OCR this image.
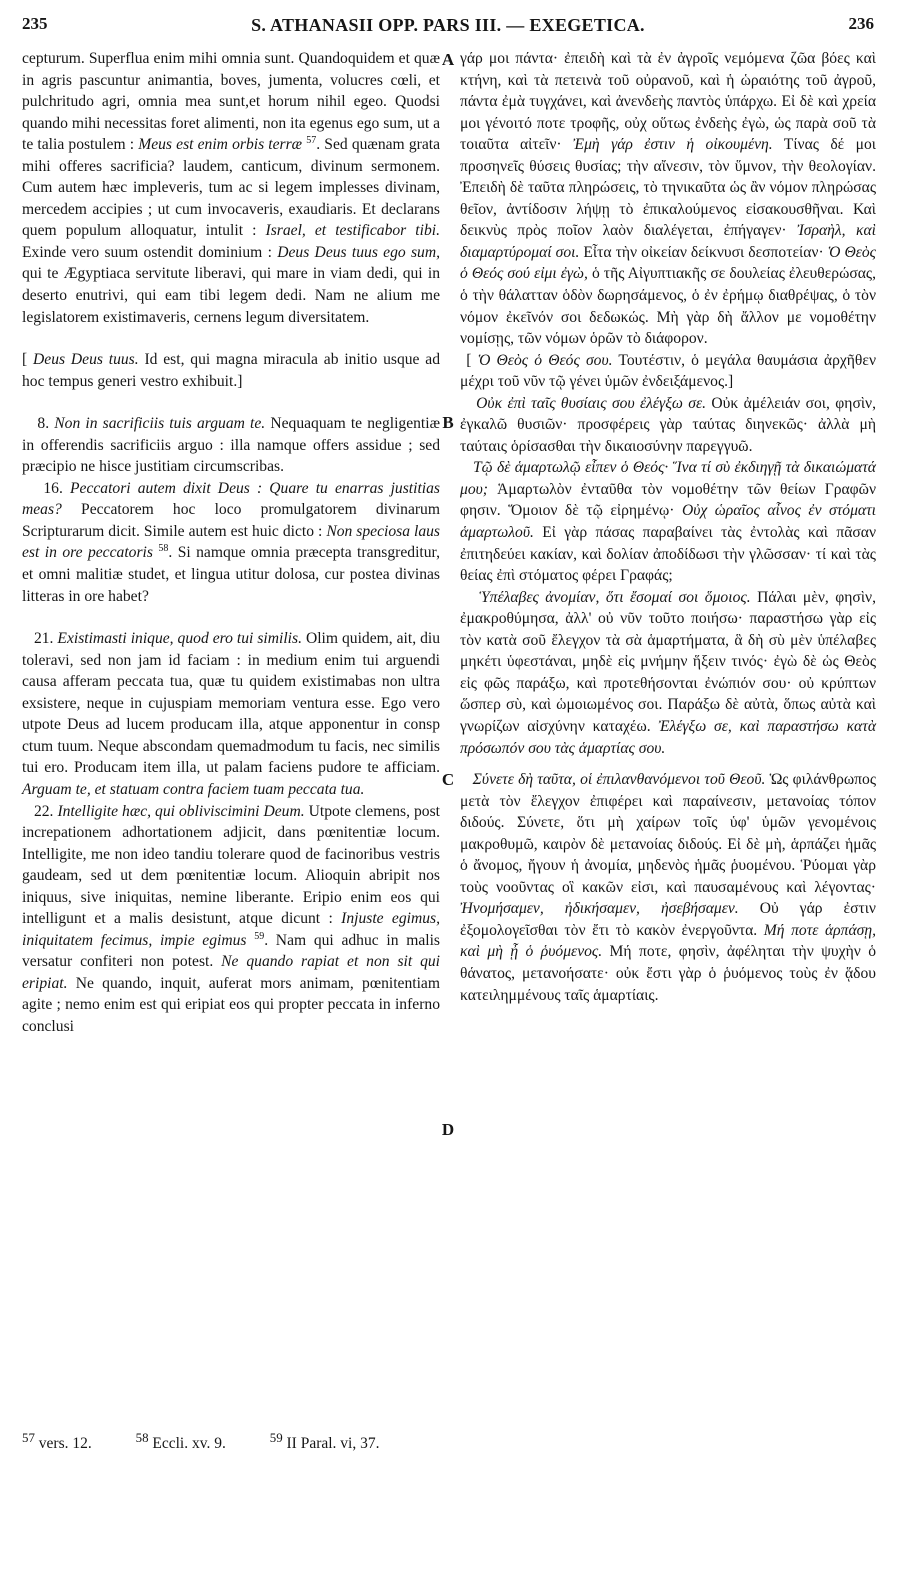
235	S. ATHANASII OPP. PARS III. — EXEGETICA.	236
A
B
C
D

cepturum. Superflua enim mihi omnia sunt. Quandoquidem et quæ in agris pascuntur animantia, boves, jumenta, volucres cœli, et pulchritudo agri, omnia mea sunt,et horum nihil egeo. Quodsi quando mihi necessitas foret alimenti, non ita egenus ego sum, ut a te talia postulem : Meus est enim orbis terræ $^{57}$. Sed quænam grata mihi offeres sacrificia? laudem, canticum, divinum sermonem. Cum autem hæc impleveris, tum ac si legem implesses divinam, mercedem accipies ; ut cum invocaveris, exaudiaris. Et declarans quem populum alloquatur, intulit : Israel, et testificabor tibi. Exinde vero suum ostendit dominium : Deus Deus tuus ego sum, qui te Ægyptiaca servitute liberavi, qui mare in viam dedi, qui in deserto enutrivi, qui eam tibi legem dedi. Nam ne alium me legislatorem existimaveris, cernens legum diversitatem.

[ Deus Deus tuus. Id est, qui magna miracula ab initio usque ad hoc tempus generi vestro exhibuit.]

8. Non in sacrificiis tuis arguam te. Nequaquam te negligentiæ in offerendis sacrificiis arguo : illa namque offers assidue ; sed præcipio ne hisce justitiam circumscribas.

16. Peccatori autem dixit Deus : Quare tu enarras justitias meas? Peccatorem hoc loco promulgatorem divinarum Scripturarum dicit. Simile autem est huic dicto : Non speciosa laus est in ore peccatoris $^{58}$. Si namque omnia præcepta transgreditur, et omni malitiæ studet, et lingua utitur dolosa, cur postea divinas litteras in ore habet?

21. Existimasti inique, quod ero tui similis. Olim quidem, ait, diu toleravi, sed non jam id faciam : in medium enim tui arguendi causa afferam peccata tua, quæ tu quidem existimabas non ultra exsistere, neque in cujuspiam memoriam ventura esse. Ego vero utpote Deus ad lucem producam illa, atque apponentur in consp ctum tuum. Neque abscondam quemadmodum tu facis, nec similis tui ero. Producam item illa, ut palam faciens pudore te afficiam. Arguam te, et statuam contra faciem tuam peccata tua.

22. Intelligite hæc, qui obliviscimini Deum. Utpote clemens, post increpationem adhortationem adjicit, dans pœnitentiæ locum. Intelligite, me non ideo tandiu tolerare quod de facinoribus vestris gaudeam, sed ut dem pœnitentiæ locum. Alioquin abripit nos iniquus, sive iniquitas, nemine liberante. Eripio enim eos qui intelligunt et a malis desistunt, atque dicunt : Injuste egimus, iniquitatem fecimus, impie egimus $^{59}$. Nam qui adhuc in malis versatur confiteri non potest. Ne quando rapiat et non sit qui eripiat. Ne quando, inquit, auferat mors animam, pœnitentiam agite ; nemo enim est qui eripiat eos qui propter peccata in inferno conclusi

γάρ μοι πάντα· ἐπειδὴ καὶ τὰ ἐν ἀγροῖς νεμόμενα ζῶα βόες καὶ κτήνη, καὶ τὰ πετεινὰ τοῦ οὐρανοῦ, καὶ ἡ ὡραιότης τοῦ ἀγροῦ, πάντα ἐμὰ τυγχάνει, καὶ ἀνενδεὴς παντὸς ὑπάρχω. Εἰ δὲ καὶ χρεία μοι γένοιτό ποτε τροφῆς, οὐχ οὕτως ἐνδεὴς ἐγὼ, ὡς παρὰ σοῦ τὰ τοιαῦτα αἰτεῖν· Ἐμὴ γάρ ἐστιν ἡ οἰκουμένη. Τίνας δέ μοι προσηνεῖς θύσεις θυσίας; τὴν αἴνεσιν, τὸν ὕμνον, τὴν θεολογίαν. Ἐπειδὴ δὲ ταῦτα πληρώσεις, τὸ τηνικαῦτα ὡς ἂν νόμον πληρώσας θεῖον, ἀντίδοσιν λήψῃ τὸ ἐπικαλούμενος εἰσακουσθῆναι. Καὶ δεικνὺς πρὸς ποῖον λαὸν διαλέγεται, ἐπήγαγεν· Ἰσραὴλ, καὶ διαμαρτύρομαί σοι. Εἶτα τὴν οἰκείαν δείκνυσι δεσποτείαν· Ὁ Θεὸς ὁ Θεός σού εἰμι ἐγὼ, ὁ τῆς Αἰγυπτιακῆς σε δουλείας ἐλευθερώσας, ὁ τὴν θάλατταν ὁδὸν δωρησάμενος, ὁ ἐν ἐρήμῳ διαθρέψας, ὁ τὸν νόμον ἐκεῖνόν σοι δεδωκώς. Μὴ γὰρ δὴ ἄλλον με νομοθέτην νομίσῃς, τῶν νόμων ὁρῶν τὸ διάφορον.

[ Ὁ Θεὸς ὁ Θεός σου. Τουτέστιν, ὁ μεγάλα θαυμάσια ἀρχῆθεν μέχρι τοῦ νῦν τῷ γένει ὑμῶν ἐνδειξάμενος.]

Οὐκ ἐπὶ ταῖς θυσίαις σου ἐλέγξω σε. Οὐκ ἀμέλειάν σοι, φησὶν, ἐγκαλῶ θυσιῶν· προσφέρεις γὰρ ταύτας διηνεκῶς· ἀλλὰ μὴ ταύταις ὁρίσασθαι τὴν δικαιοσύνην παρεγγυῶ.

Τῷ δὲ ἁμαρτωλῷ εἶπεν ὁ Θεός· Ἵνα τί σὺ ἐκδιηγῇ τὰ δικαιώματά μου; Ἁμαρτωλὸν ἐνταῦθα τὸν νομοθέτην τῶν θείων Γραφῶν φησιν. Ὅμοιον δὲ τῷ εἰρημένῳ· Οὐχ ὡραῖος αἶνος ἐν στόματι ἁμαρτωλοῦ. Εἰ γὰρ πάσας παραβαίνει τὰς ἐντολὰς καὶ πᾶσαν ἐπιτηδεύει κακίαν, καὶ δολίαν ἀποδίδωσι τὴν γλῶσσαν· τί καὶ τὰς θείας ἐπὶ στόματος φέρει Γραφάς;

Ὑπέλαβες ἀνομίαν, ὅτι ἔσομαί σοι ὅμοιος. Πάλαι μὲν, φησὶν, ἐμακροθύμησα, ἀλλ' οὐ νῦν τοῦτο ποιήσω· παραστήσω γὰρ εἰς τὸν κατὰ σοῦ ἔλεγχον τὰ σὰ ἁμαρτήματα, ἃ δὴ σὺ μὲν ὑπέλαβες μηκέτι ὑφεστάναι, μηδὲ εἰς μνήμην ἥξειν τινός· ἐγὼ δὲ ὡς Θεὸς εἰς φῶς παράξω, καὶ προτεθήσονται ἐνώπιόν σου· οὐ κρύπτων ὥσπερ σὺ, καὶ ὡμοιωμένος σοι. Παράξω δὲ αὐτὰ, ὅπως αὐτὰ καὶ γνωρίζων αἰσχύνην καταχέω. Ἐλέγξω σε, καὶ παραστήσω κατὰ πρόσωπόν σου τὰς ἁμαρτίας σου.

Σύνετε δὴ ταῦτα, οἱ ἐπιλανθανόμενοι τοῦ Θεοῦ. Ὡς φιλάνθρωπος μετὰ τὸν ἔλεγχον ἐπιφέρει καὶ παραίνεσιν, μετανοίας τόπον διδούς. Σύνετε, ὅτι μὴ χαίρων τοῖς ὑφ' ὑμῶν γενομένοις μακροθυμῶ, καιρὸν δὲ μετανοίας διδούς. Εἰ δὲ μὴ, ἁρπάζει ἡμᾶς ὁ ἄνομος, ἤγουν ἡ ἀνομία, μηδενὸς ἡμᾶς ῥυομένου. Ῥύομαι γὰρ τοὺς νοοῦντας οἳ κακῶν εἰσι, καὶ παυσαμένους καὶ λέγοντας· Ἠνομήσαμεν, ἠδικήσαμεν, ἠσεβήσαμεν. Οὐ γάρ ἐστιν ἐξομολογεῖσθαι τὸν ἔτι τὸ κακὸν ἐνεργοῦντα. Μή ποτε ἁρπάσῃ, καὶ μὴ ᾖ ὁ ῥυόμενος. Μή ποτε, φησὶν, ἀφέληται τὴν ψυχὴν ὁ θάνατος, μετανοήσατε· οὐκ ἔστι γὰρ ὁ ῥυόμενος τοὺς ἐν ᾅδου κατειλημμένους ταῖς ἁμαρτίαις.

$^{57}$ vers. 12.	$^{58}$ Eccli. xv. 9.	$^{59}$ II Paral. vi, 37.
